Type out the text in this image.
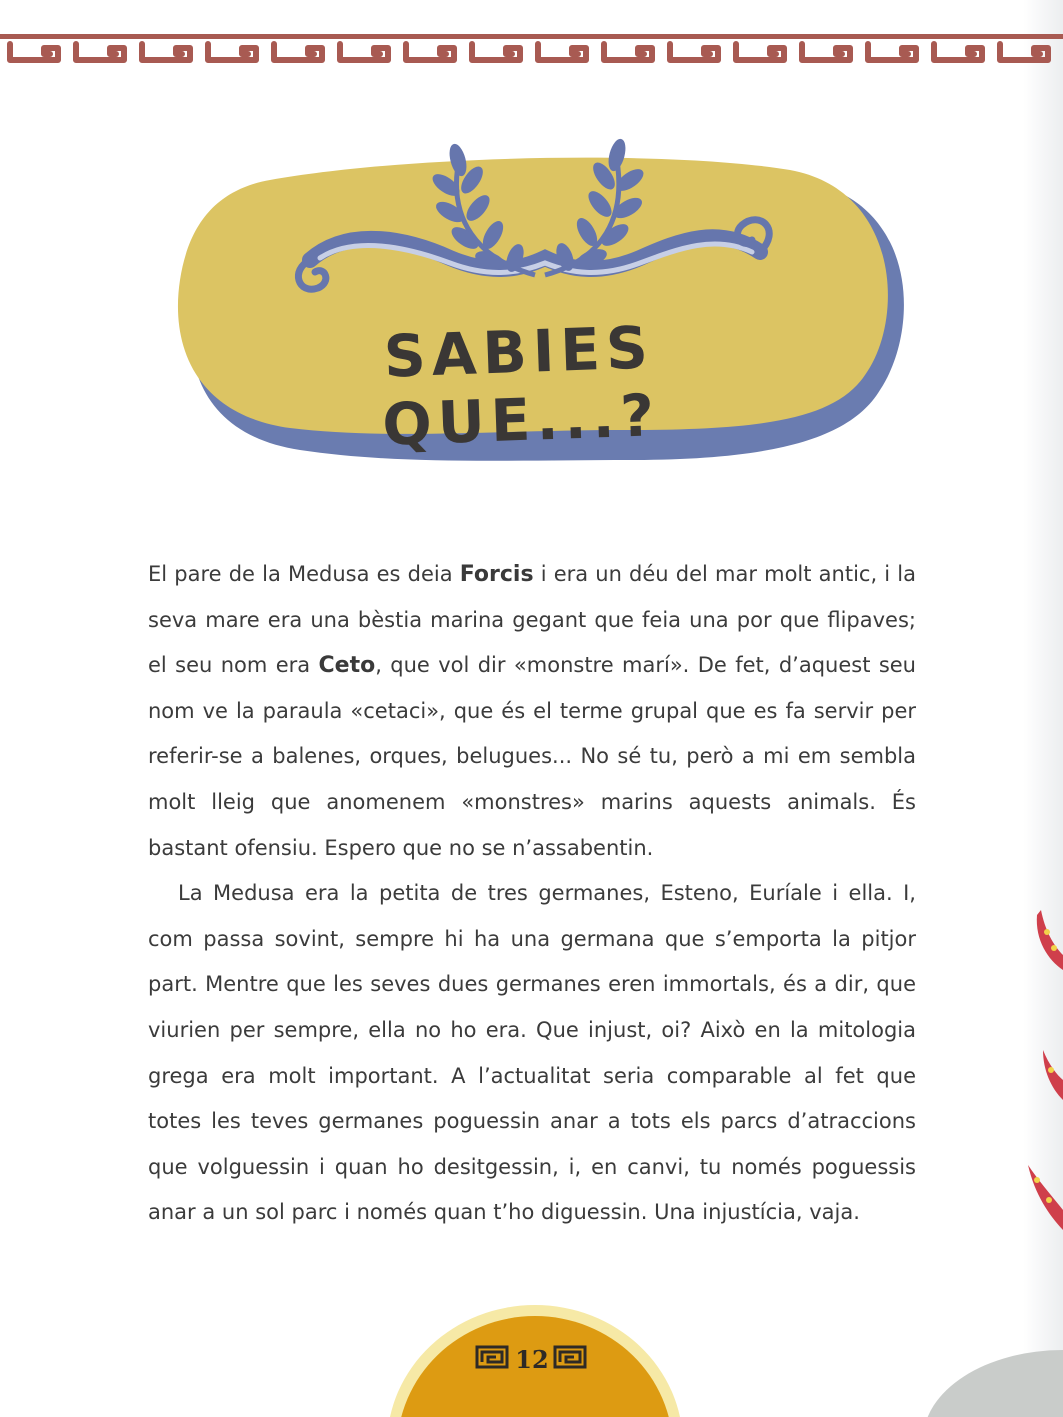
SABIES QUE...?

El pare de la Medusa es deia Forcis i era un déu del mar molt antic, i la seva mare era una bèstia marina gegant que feia una por que flipaves; el seu nom era Ceto, que vol dir «monstre marí». De fet, d’aquest seu nom ve la paraula «cetaci», que és el terme grupal que es fa servir per referir-se a balenes, orques, belugues... No sé tu, però a mi em sembla molt lleig que anomenem «monstres» marins aquests animals. És bastant ofensiu. Espero que no se n’assabentin.

La Medusa era la petita de tres germanes, Esteno, Euríale i ella. I, com passa sovint, sempre hi ha una germana que s’emporta la pitjor part. Mentre que les seves dues germanes eren immortals, és a dir, que viurien per sempre, ella no ho era. Que injust, oi? Això en la mitologia grega era molt important. A l’actualitat seria comparable al fet que totes les teves germanes poguessin anar a tots els parcs d’atraccions que volguessin i quan ho desitgessin, i, en canvi, tu només poguessis anar a un sol parc i només quan t’ho diguessin. Una injustícia, vaja.

12
